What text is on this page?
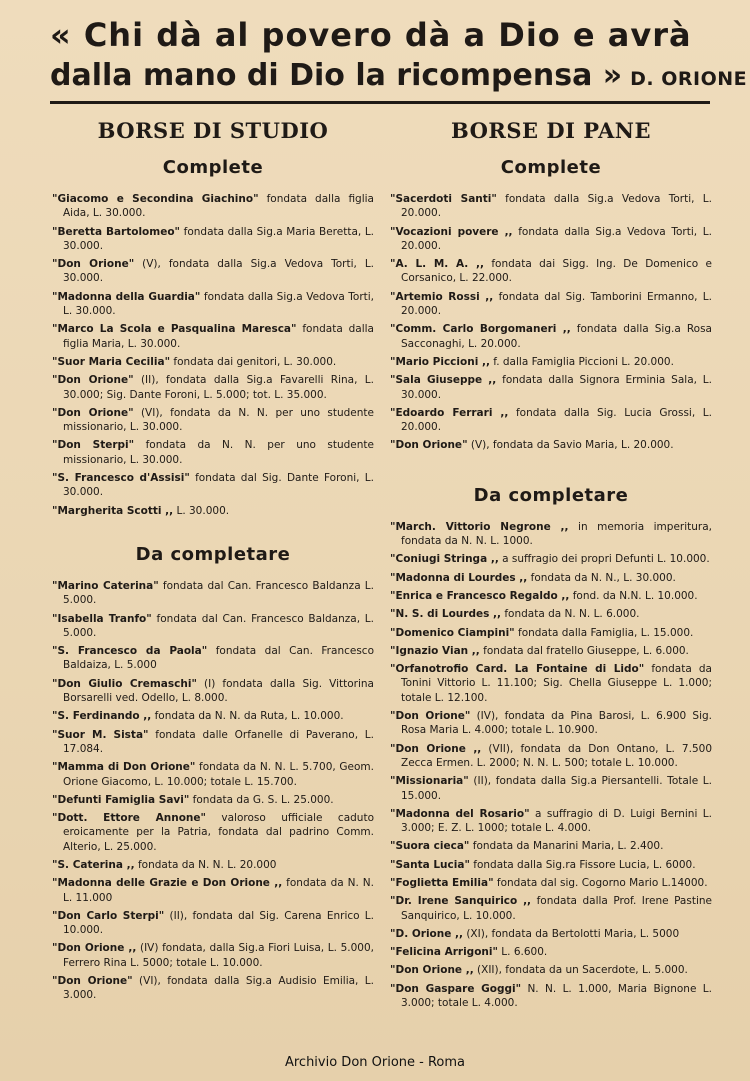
« Chi dà al povero dà a Dio e avrà
dalla mano di Dio la ricompensa » D. ORIONE
BORSE DI STUDIO
Complete
"Giacomo e Secondina Giachino" fondata dalla figlia Aida, L. 30.000.
"Beretta Bartolomeo" fondata dalla Sig.a Maria Beretta, L. 30.000.
"Don Orione" (V), fondata dalla Sig.a Vedova Torti, L. 30.000.
"Madonna della Guardia" fondata dalla Sig.a Vedova Torti, L. 30.000.
"Marco La Scola e Pasqualina Maresca" fondata dalla figlia Maria, L. 30.000.
"Suor Maria Cecilia" fondata dai genitori, L. 30.000.
"Don Orione" (II), fondata dalla Sig.a Favarelli Rina, L. 30.000; Sig. Dante Foroni, L. 5.000; tot. L. 35.000.
"Don Orione" (VI), fondata da N. N. per uno studente missionario, L. 30.000.
"Don Sterpi" fondata da N. N. per uno studente missionario, L. 30.000.
"S. Francesco d'Assisi" fondata dal Sig. Dante Foroni, L. 30.000.
"Margherita Scotti ,, L. 30.000.
Da completare
"Marino Caterina" fondata dal Can. Francesco Baldanza L. 5.000.
"Isabella Tranfo" fondata dal Can. Francesco Baldanza, L. 5.000.
"S. Francesco da Paola" fondata dal Can. Francesco Baldaiza, L. 5.000
"Don Giulio Cremaschi" (I) fondata dalla Sig. Vittorina Borsarelli ved. Odello, L. 8.000.
"S. Ferdinando ,, fondata da N. N. da Ruta, L. 10.000.
"Suor M. Sista" fondata dalle Orfanelle di Paverano, L. 17.084.
"Mamma di Don Orione" fondata da N. N. L. 5.700, Geom. Orione Giacomo, L. 10.000; totale L. 15.700.
"Defunti Famiglia Savi" fondata da G. S. L. 25.000.
"Dott. Ettore Annone" valoroso ufficiale caduto eroicamente per la Patria, fondata dal padrino Comm. Alterio, L. 25.000.
"S. Caterina ,, fondata da N. N. L. 20.000
"Madonna delle Grazie e Don Orione ,, fondata da N. N. L. 11.000
"Don Carlo Sterpi" (II), fondata dal Sig. Carena Enrico L. 10.000.
"Don Orione ,, (IV) fondata, dalla Sig.a Fiori Luisa, L. 5.000, Ferrero Rina L. 5000; totale L. 10.000.
"Don Orione" (VI), fondata dalla Sig.a Audisio Emilia, L. 3.000.
BORSE DI PANE
Complete
"Sacerdoti Santi" fondata dalla Sig.a Vedova Torti, L. 20.000.
"Vocazioni povere ,, fondata dalla Sig.a Vedova Torti, L. 20.000.
"A. L. M. A. ,, fondata dai Sigg. Ing. De Domenico e Corsanico, L. 22.000.
"Artemio Rossi ,, fondata dal Sig. Tamborini Ermanno, L. 20.000.
"Comm. Carlo Borgomaneri ,, fondata dalla Sig.a Rosa Sacconaghi, L. 20.000.
"Mario Piccioni ,, f. dalla Famiglia Piccioni L. 20.000.
"Sala Giuseppe ,, fondata dalla Signora Erminia Sala, L. 30.000.
"Edoardo Ferrari ,, fondata dalla Sig. Lucia Grossi, L. 20.000.
"Don Orione" (V), fondata da Savio Maria, L. 20.000.
Da completare
"March. Vittorio Negrone ,, in memoria imperitura, fondata da N. N. L. 1000.
"Coniugi Stringa ,, a suffragio dei propri Defunti L. 10.000.
"Madonna di Lourdes ,, fondata da N. N., L. 30.000.
"Enrica e Francesco Regaldo ,, fond. da N.N. L. 10.000.
"N. S. di Lourdes ,, fondata da N. N. L. 6.000.
"Domenico Ciampini" fondata dalla Famiglia, L. 15.000.
"Ignazio Vian ,, fondata dal fratello Giuseppe, L. 6.000.
"Orfanotrofio Card. La Fontaine di Lido" fondata da Tonini Vittorio L. 11.100; Sig. Chella Giuseppe L. 1.000; totale L. 12.100.
"Don Orione" (IV), fondata da Pina Barosi, L. 6.900 Sig. Rosa Maria L. 4.000; totale L. 10.900.
"Don Orione ,, (VII), fondata da Don Ontano, L. 7.500 Zecca Ermen. L. 2000; N. N. L. 500; totale L. 10.000.
"Missionaria" (II), fondata dalla Sig.a Piersantelli. Totale L. 15.000.
"Madonna del Rosario" a suffragio di D. Luigi Bernini L. 3.000; E. Z. L. 1000; totale L. 4.000.
"Suora cieca" fondata da Manarini Maria, L. 2.400.
"Santa Lucia" fondata dalla Sig.ra Fissore Lucia, L. 6000.
"Foglietta Emilia" fondata dal sig. Cogorno Mario L.14000.
"Dr. Irene Sanquirico ,, fondata dalla Prof. Irene Pastine Sanquirico, L. 10.000.
"D. Orione ,, (XI), fondata da Bertolotti Maria, L. 5000
"Felicina Arrigoni" L. 6.600.
"Don Orione ,, (XII), fondata da un Sacerdote, L. 5.000.
"Don Gaspare Goggi" N. N. L. 1.000, Maria Bignone L. 3.000; totale L. 4.000.
Archivio Don Orione - Roma
